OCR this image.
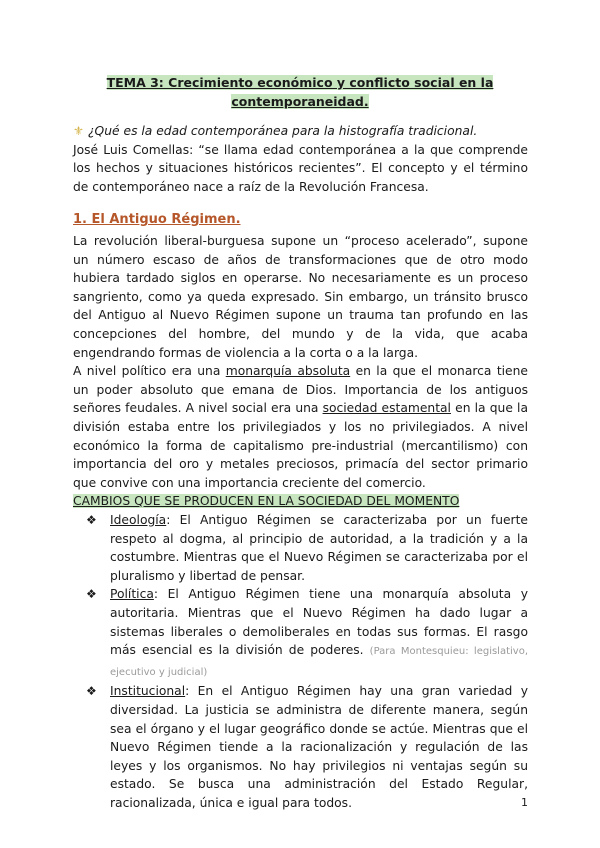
TEMA 3: Crecimiento económico y conflicto social en la
contemporaneidad.

⚜ ¿Qué es la edad contemporánea para la histografía tradicional.

José Luis Comellas: “se llama edad contemporánea a la que comprende los hechos y situaciones históricos recientes”. El concepto y el término de contemporáneo nace a raíz de la Revolución Francesa.

1. El Antiguo Régimen.

La revolución liberal-burguesa supone un “proceso acelerado”, supone un número escaso de años de transformaciones que de otro modo hubiera tardado siglos en operarse. No necesariamente es un proceso sangriento, como ya queda expresado. Sin embargo, un tránsito brusco del Antiguo al Nuevo Régimen supone un trauma tan profundo en las concepciones del hombre, del mundo y de la vida, que acaba engendrando formas de violencia a la corta o a la larga.

A nivel político era una monarquía absoluta en la que el monarca tiene un poder absoluto que emana de Dios. Importancia de los antiguos señores feudales. A nivel social era una sociedad estamental en la que la división estaba entre los privilegiados y los no privilegiados. A nivel económico la forma de capitalismo pre-industrial (mercantilismo) con importancia del oro y metales preciosos, primacía del sector primario que convive con una importancia creciente del comercio.

CAMBIOS QUE SE PRODUCEN EN LA SOCIEDAD DEL MOMENTO
❖ Ideología: El Antiguo Régimen se caracterizaba por un fuerte respeto al dogma, al principio de autoridad, a la tradición y a la costumbre. Mientras que el Nuevo Régimen se caracterizaba por el pluralismo y libertad de pensar.
❖ Política: El Antiguo Régimen tiene una monarquía absoluta y autoritaria. Mientras que el Nuevo Régimen ha dado lugar a sistemas liberales o demoliberales en todas sus formas. El rasgo más esencial es la división de poderes. (Para Montesquieu: legislativo, ejecutivo y judicial)
❖ Institucional: En el Antiguo Régimen hay una gran variedad y diversidad. La justicia se administra de diferente manera, según sea el órgano y el lugar geográfico donde se actúe. Mientras que el Nuevo Régimen tiende a la racionalización y regulación de las leyes y los organismos. No hay privilegios ni ventajas según su estado. Se busca una administración del Estado Regular, racionalizada, única e igual para todos.	1
